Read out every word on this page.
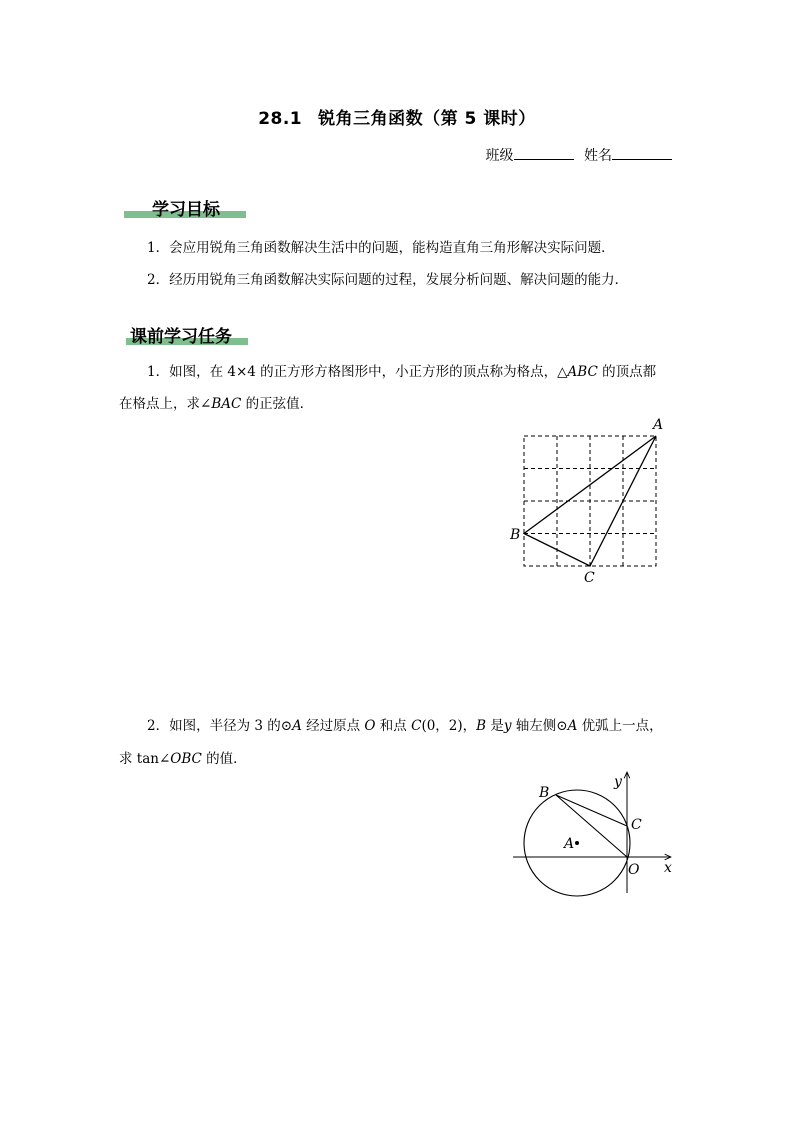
28.1 锐角三角函数（第 5 课时）
班级	姓名
学习目标
1．会应用锐角三角函数解决生活中的问题，能构造直角三角形解决实际问题．
2．经历用锐角三角函数解决实际问题的过程，发展分析问题、解决问题的能力．
课前学习任务
1．如图，在 4×4 的正方形方格图形中，小正方形的顶点称为格点，△ABC 的顶点都
在格点上，求∠BAC 的正弦值．
A
B
C
2．如图，半径为 3 的⊙A 经过原点 O 和点 C(0，2)，B 是y 轴左侧⊙A 优弧上一点，
求 tan∠OBC 的值．
B
C
A
O x
y
